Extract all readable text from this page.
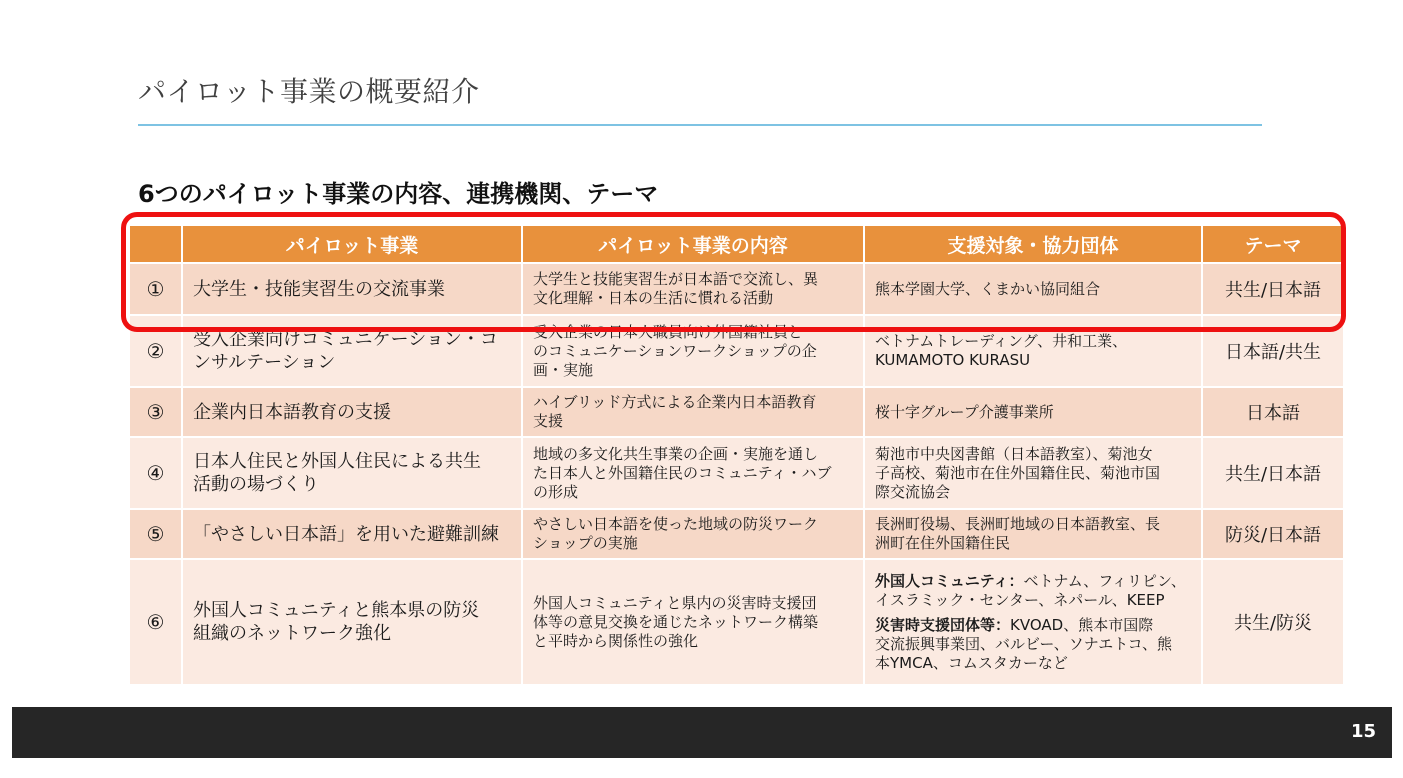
パイロット事業の概要紹介
6つのパイロット事業の内容、連携機関、テーマ
	パイロット事業	パイロット事業の内容	支援対象・協力団体	テーマ
①	大学生・技能実習生の交流事業	大学生と技能実習生が日本語で交流し、異
文化理解・日本の生活に慣れる活動	熊本学園大学、くまかい協同組合	共生/日本語
②	受入企業向けコミュニケーション・コ
ンサルテーション	受入企業の日本人職員向け外国籍社員と
のコミュニケーションワークショップの企
画・実施	ベトナムトレーディング、井和工業、
KUMAMOTO KURASU	日本語/共生
③	企業内日本語教育の支援	ハイブリッド方式による企業内日本語教育
支援	桜十字グループ介護事業所	日本語
④	日本人住民と外国人住民による共生
活動の場づくり	地域の多文化共生事業の企画・実施を通し
た日本人と外国籍住民のコミュニティ・ハブ
の形成	菊池市中央図書館（日本語教室）、菊池女
子高校、菊池市在住外国籍住民、菊池市国
際交流協会	共生/日本語
⑤	「やさしい日本語」を用いた避難訓練	やさしい日本語を使った地域の防災ワーク
ショップの実施	長洲町役場、長洲町地域の日本語教室、長
洲町在住外国籍住民	防災/日本語
⑥	外国人コミュニティと熊本県の防災
組織のネットワーク強化	外国人コミュニティと県内の災害時支援団
体等の意見交換を通じたネットワーク構築
と平時から関係性の強化	外国人コミュニティ：ベトナム、フィリピン、
イスラミック・センター、ネパール、KEEP
災害時支援団体等：KVOAD、熊本市国際
交流振興事業団、バルビー、ソナエトコ、熊
本YMCA、コムスタカーなど	共生/防災
15
